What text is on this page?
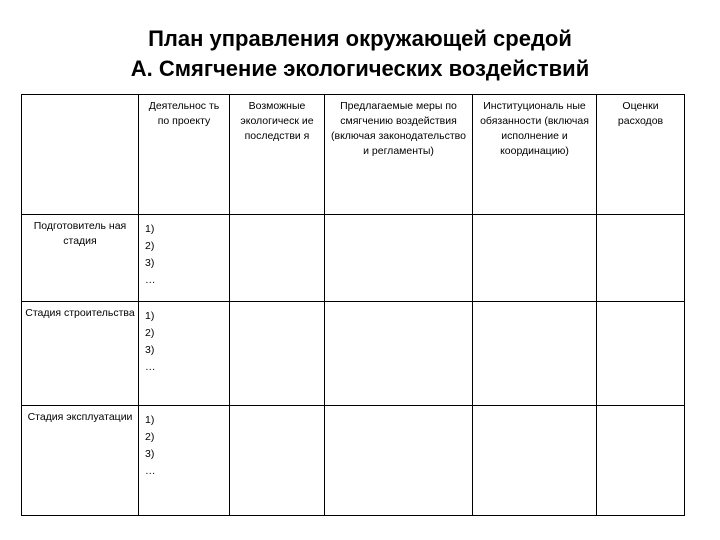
План управления окружающей средой
А. Смягчение экологических воздействий
	Деятельнос ть по проекту	Возможные экологическ ие последстви я	Предлагаемые меры по смягчению воздействия (включая законодательство и регламенты)	Институциональ ные обязанности (включая исполнение и координацию)	Оценки расходов
Подготовитель ная стадия	1)
2)
3)
…				

Стадия строительства	1)
2)
3)
…				

Стадия эксплуатации	1)
2)
3)
…				
